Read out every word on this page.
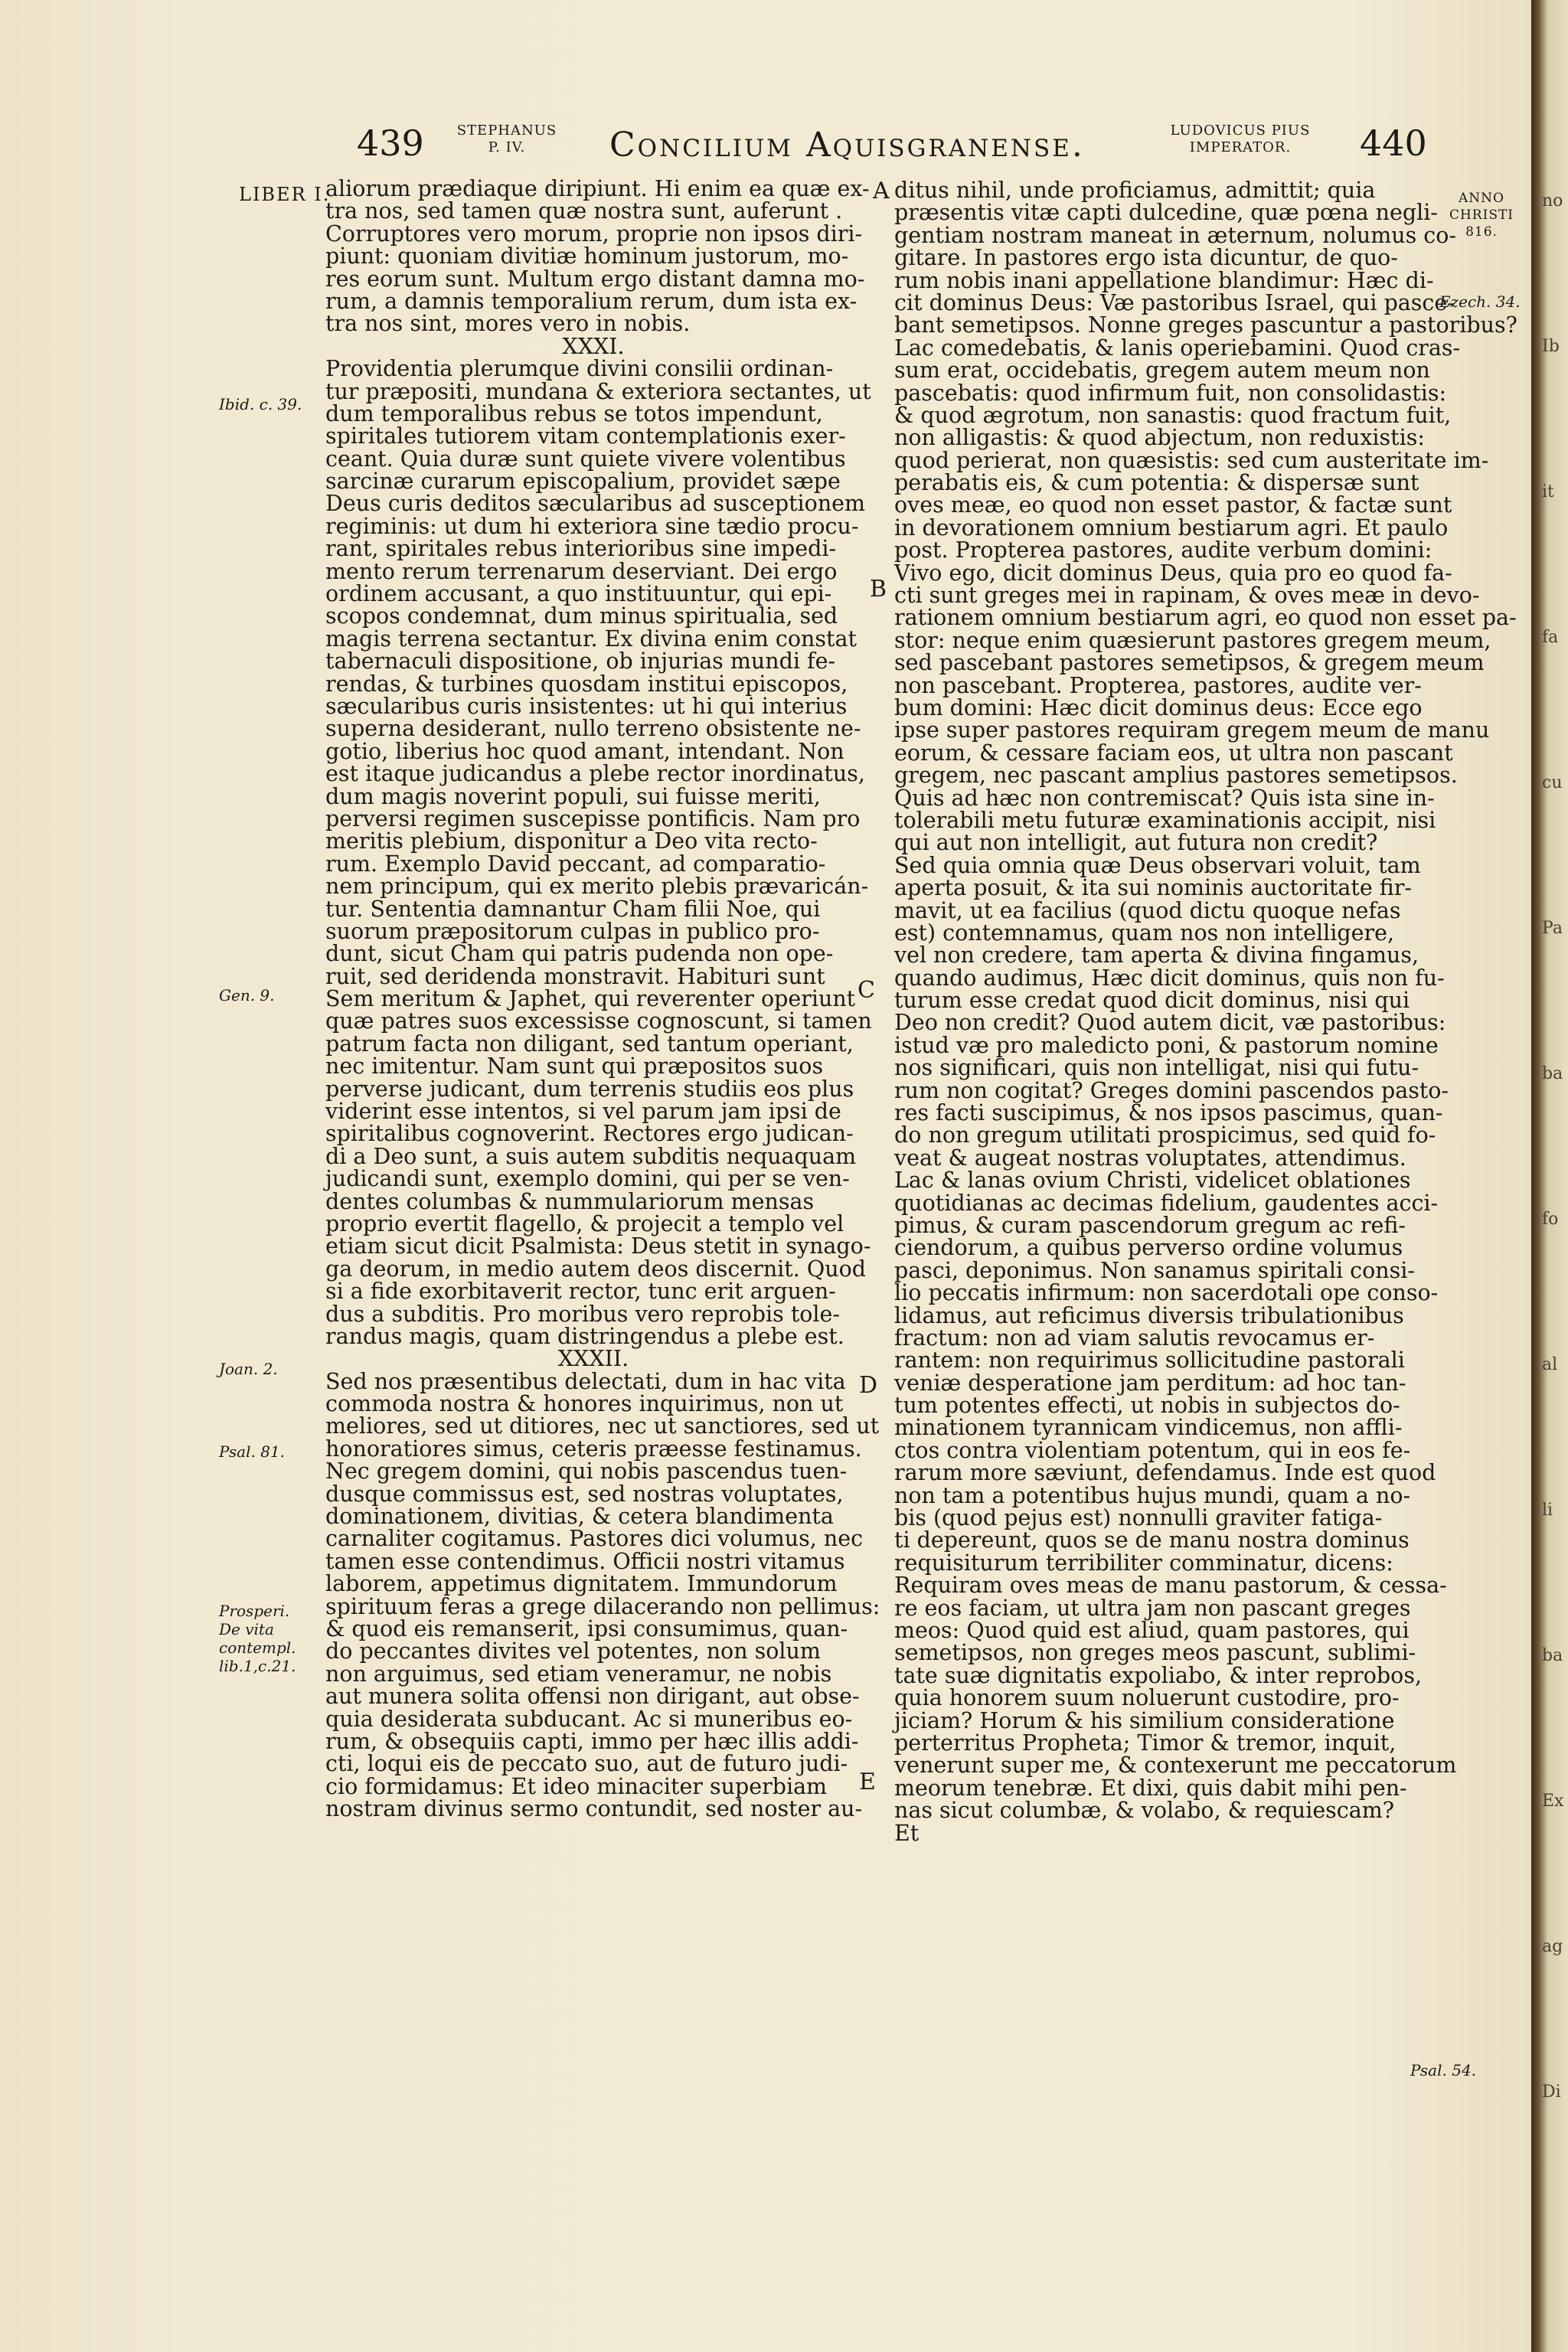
439 STEPHANUS
P. IV.	Concilium Aquisgranense.	LUDOVICUS PIUS
IMPERATOR.	440
LIBER I.
Ibid. c. 39.
Gen. 9.
Joan. 2.
Psal. 81.
Prosperi.
De vita
contempl.
lib.1,c.21.
A
B
C
D
E
ANNO
CHRISTI
816.
Ezech. 34.
Psal. 54.
aliorum prædiaque diripiunt. Hi enim ea quæ ex-
tra nos, sed tamen quæ nostra sunt, auferunt .
Corruptores vero morum, proprie non ipsos diri-
piunt: quoniam divitiæ hominum justorum, mo-
res eorum sunt. Multum ergo distant damna mo-
rum, a damnis temporalium rerum, dum ista ex-
tra nos sint, mores vero in nobis.
XXXI.
Providentia plerumque divini consilii ordinan-
tur præpositi, mundana & exteriora sectantes, ut
dum temporalibus rebus se totos impendunt,
spiritales tutiorem vitam contemplationis exer-
ceant. Quia duræ sunt quiete vivere volentibus
sarcinæ curarum episcopalium, providet sæpe
Deus curis deditos sæcularibus ad susceptionem
regiminis: ut dum hi exteriora sine tædio procu-
rant, spiritales rebus interioribus sine impedi-
mento rerum terrenarum deserviant. Dei ergo
ordinem accusant, a quo instituuntur, qui epi-
scopos condemnat, dum minus spiritualia, sed
magis terrena sectantur. Ex divina enim constat
tabernaculi dispositione, ob injurias mundi fe-
rendas, & turbines quosdam institui episcopos,
sæcularibus curis insistentes: ut hi qui interius
superna desiderant, nullo terreno obsistente ne-
gotio, liberius hoc quod amant, intendant. Non
est itaque judicandus a plebe rector inordinatus,
dum magis noverint populi, sui fuisse meriti,
perversi regimen suscepisse pontificis. Nam pro
meritis plebium, disponitur a Deo vita recto-
rum. Exemplo David peccant, ad comparatio-
nem principum, qui ex merito plebis prævaricán-
tur. Sententia damnantur Cham filii Noe, qui
suorum præpositorum culpas in publico pro-
dunt, sicut Cham qui patris pudenda non ope-
ruit, sed deridenda monstravit. Habituri sunt
Sem meritum & Japhet, qui reverenter operiunt
quæ patres suos excessisse cognoscunt, si tamen
patrum facta non diligant, sed tantum operiant,
nec imitentur. Nam sunt qui præpositos suos
perverse judicant, dum terrenis studiis eos plus
viderint esse intentos, si vel parum jam ipsi de
spiritalibus cognoverint. Rectores ergo judican-
di a Deo sunt, a suis autem subditis nequaquam
judicandi sunt, exemplo domini, qui per se ven-
dentes columbas & nummulariorum mensas
proprio evertit flagello, & projecit a templo vel
etiam sicut dicit Psalmista: Deus stetit in synago-
ga deorum, in medio autem deos discernit. Quod
si a fide exorbitaverit rector, tunc erit arguen-
dus a subditis. Pro moribus vero reprobis tole-
randus magis, quam distringendus a plebe est.
XXXII.
Sed nos præsentibus delectati, dum in hac vita
commoda nostra & honores inquirimus, non ut
meliores, sed ut ditiores, nec ut sanctiores, sed ut
honoratiores simus, ceteris præesse festinamus.
Nec gregem domini, qui nobis pascendus tuen-
dusque commissus est, sed nostras voluptates,
dominationem, divitias, & cetera blandimenta
carnaliter cogitamus. Pastores dici volumus, nec
tamen esse contendimus. Officii nostri vitamus
laborem, appetimus dignitatem. Immundorum
spirituum feras a grege dilacerando non pellimus:
& quod eis remanserit, ipsi consumimus, quan-
do peccantes divites vel potentes, non solum
non arguimus, sed etiam veneramur, ne nobis
aut munera solita offensi non dirigant, aut obse-
quia desiderata subducant. Ac si muneribus eo-
rum, & obsequiis capti, immo per hæc illis addi-
cti, loqui eis de peccato suo, aut de futuro judi-
cio formidamus: Et ideo minaciter superbiam
nostram divinus sermo contundit, sed noster au-
ditus nihil, unde proficiamus, admittit; quia
præsentis vitæ capti dulcedine, quæ pœna negli-
gentiam nostram maneat in æternum, nolumus co-
gitare. In pastores ergo ista dicuntur, de quo-
rum nobis inani appellatione blandimur: Hæc di-
cit dominus Deus: Væ pastoribus Israel, qui pasce-
bant semetipsos. Nonne greges pascuntur a pastoribus?
Lac comedebatis, & lanis operiebamini. Quod cras-
sum erat, occidebatis, gregem autem meum non
pascebatis: quod infirmum fuit, non consolidastis:
& quod ægrotum, non sanastis: quod fractum fuit,
non alligastis: & quod abjectum, non reduxistis:
quod perierat, non quæsistis: sed cum austeritate im-
perabatis eis, & cum potentia: & dispersæ sunt
oves meæ, eo quod non esset pastor, & factæ sunt
in devorationem omnium bestiarum agri. Et paulo
post. Propterea pastores, audite verbum domini:
Vivo ego, dicit dominus Deus, quia pro eo quod fa-
cti sunt greges mei in rapinam, & oves meæ in devo-
rationem omnium bestiarum agri, eo quod non esset pa-
stor: neque enim quæsierunt pastores gregem meum,
sed pascebant pastores semetipsos, & gregem meum
non pascebant. Propterea, pastores, audite ver-
bum domini: Hæc dicit dominus deus: Ecce ego
ipse super pastores requiram gregem meum de manu
eorum, & cessare faciam eos, ut ultra non pascant
gregem, nec pascant amplius pastores semetipsos.
Quis ad hæc non contremiscat? Quis ista sine in-
tolerabili metu futuræ examinationis accipit, nisi
qui aut non intelligit, aut futura non credit?
Sed quia omnia quæ Deus observari voluit, tam
aperta posuit, & ita sui nominis auctoritate fir-
mavit, ut ea facilius (quod dictu quoque nefas
est) contemnamus, quam nos non intelligere,
vel non credere, tam aperta & divina fingamus,
quando audimus, Hæc dicit dominus, quis non fu-
turum esse credat quod dicit dominus, nisi qui
Deo non credit? Quod autem dicit, væ pastoribus:
istud væ pro maledicto poni, & pastorum nomine
nos significari, quis non intelligat, nisi qui futu-
rum non cogitat? Greges domini pascendos pasto-
res facti suscipimus, & nos ipsos pascimus, quan-
do non gregum utilitati prospicimus, sed quid fo-
veat & augeat nostras voluptates, attendimus.
Lac & lanas ovium Christi, videlicet oblationes
quotidianas ac decimas fidelium, gaudentes acci-
pimus, & curam pascendorum gregum ac refi-
ciendorum, a quibus perverso ordine volumus
pasci, deponimus. Non sanamus spiritali consi-
lio peccatis infirmum: non sacerdotali ope conso-
lidamus, aut reficimus diversis tribulationibus
fractum: non ad viam salutis revocamus er-
rantem: non requirimus sollicitudine pastorali
veniæ desperatione jam perditum: ad hoc tan-
tum potentes effecti, ut nobis in subjectos do-
minationem tyrannicam vindicemus, non affli-
ctos contra violentiam potentum, qui in eos fe-
rarum more sæviunt, defendamus. Inde est quod
non tam a potentibus hujus mundi, quam a no-
bis (quod pejus est) nonnulli graviter fatiga-
ti depereunt, quos se de manu nostra dominus
requisiturum terribiliter comminatur, dicens:
Requiram oves meas de manu pastorum, & cessa-
re eos faciam, ut ultra jam non pascant greges
meos: Quod quid est aliud, quam pastores, qui
semetipsos, non greges meos pascunt, sublimi-
tate suæ dignitatis expoliabo, & inter reprobos,
quia honorem suum noluerunt custodire, pro-
jiciam? Horum & his similium consideratione
perterritus Propheta; Timor & tremor, inquit,
venerunt super me, & contexerunt me peccatorum
meorum tenebræ. Et dixi, quis dabit mihi pen-
nas sicut columbæ, & volabo, & requiescam?
Et
no
Ib
it
fa
cu
Pa
ba
fo
al
li
ba
Ex
ag
Di
